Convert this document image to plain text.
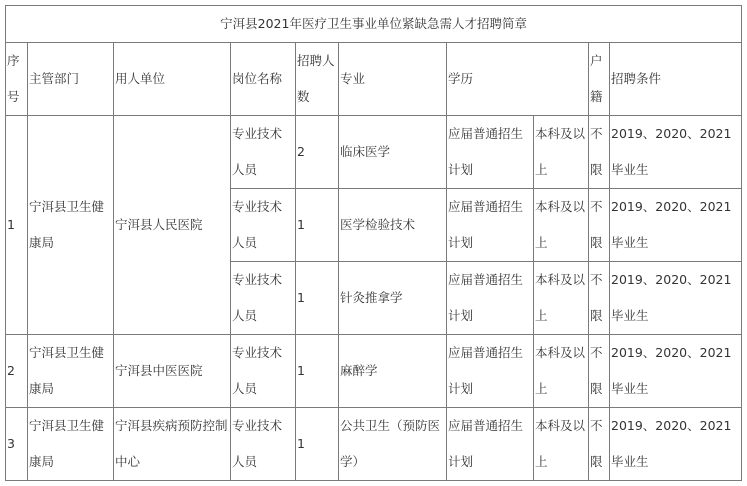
宁洱县2021年医疗卫生事业单位紧缺急需人才招聘简章									
序号	主管部门	用人单位	岗位名称	招聘人数	专业	学历		户籍	招聘条件
1	宁洱县卫生健康局	宁洱县人民医院	专业技术人员	2	临床医学	应届普通招生计划	本科及以上	不限	2019、2020、2021毕业生
			专业技术人员	1	医学检验技术	应届普通招生计划	本科及以上	不限	2019、2020、2021毕业生
			专业技术人员	1	针灸推拿学	应届普通招生计划	本科及以上	不限	2019、2020、2021毕业生
2	宁洱县卫生健康局	宁洱县中医医院	专业技术人员	1	麻醉学	应届普通招生计划	本科及以上	不限	2019、2020、2021毕业生
3	宁洱县卫生健康局	宁洱县疾病预防控制中心	专业技术人员	1	公共卫生（预防医学）	应届普通招生计划	本科及以上	不限	2019、2020、2021毕业生
